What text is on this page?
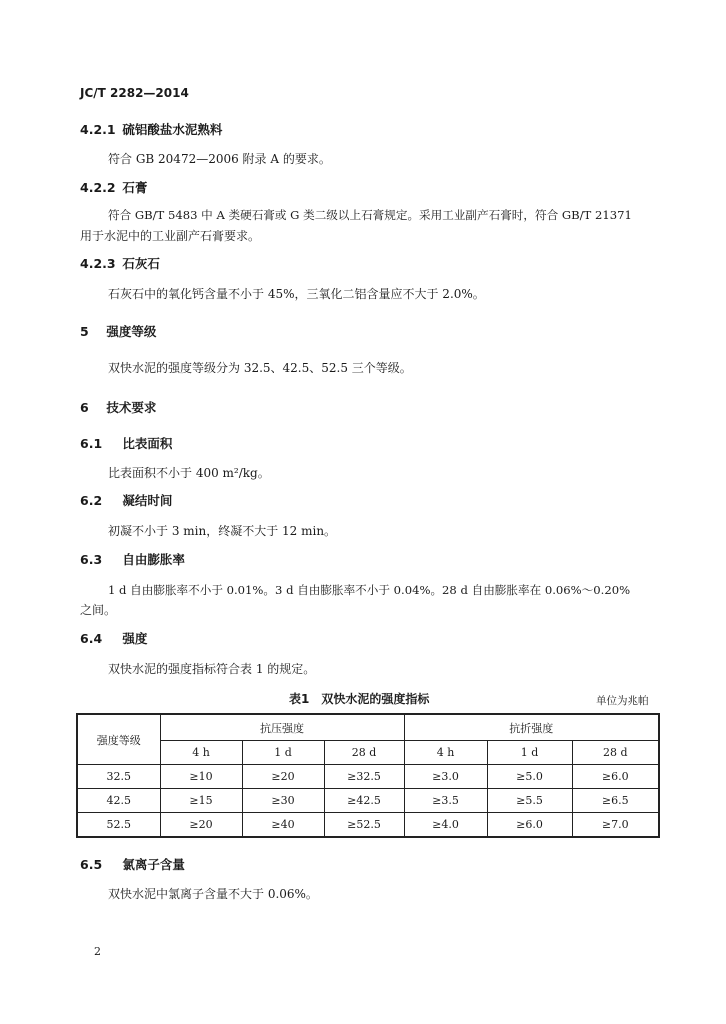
JC/T 2282—2014
4.2.1 硫铝酸盐水泥熟料
符合 GB 20472—2006 附录 A 的要求。
4.2.2 石膏
符合 GB/T 5483 中 A 类硬石膏或 G 类二级以上石膏规定。采用工业副产石膏时，符合 GB/T 21371
用于水泥中的工业副产石膏要求。
4.2.3 石灰石
石灰石中的氧化钙含量不小于 45%，三氧化二铝含量应不大于 2.0%。
5 强度等级
双快水泥的强度等级分为 32.5、42.5、52.5 三个等级。
6 技术要求
6.1 比表面积
比表面积不小于 400 m²/kg。
6.2 凝结时间
初凝不小于 3 min，终凝不大于 12 min。
6.3 自由膨胀率
1 d 自由膨胀率不小于 0.01%。3 d 自由膨胀率不小于 0.04%。28 d 自由膨胀率在 0.06%～0.20%
之间。
6.4 强度
双快水泥的强度指标符合表 1 的规定。
表1　双快水泥的强度指标	单位为兆帕
强度等级	抗压强度			抗折强度		
	4 h	1 d	28 d	4 h	1 d	28 d
32.5	≥10	≥20	≥32.5	≥3.0	≥5.0	≥6.0
42.5	≥15	≥30	≥42.5	≥3.5	≥5.5	≥6.5
52.5	≥20	≥40	≥52.5	≥4.0	≥6.0	≥7.0
6.5 氯离子含量
双快水泥中氯离子含量不大于 0.06%。
2
